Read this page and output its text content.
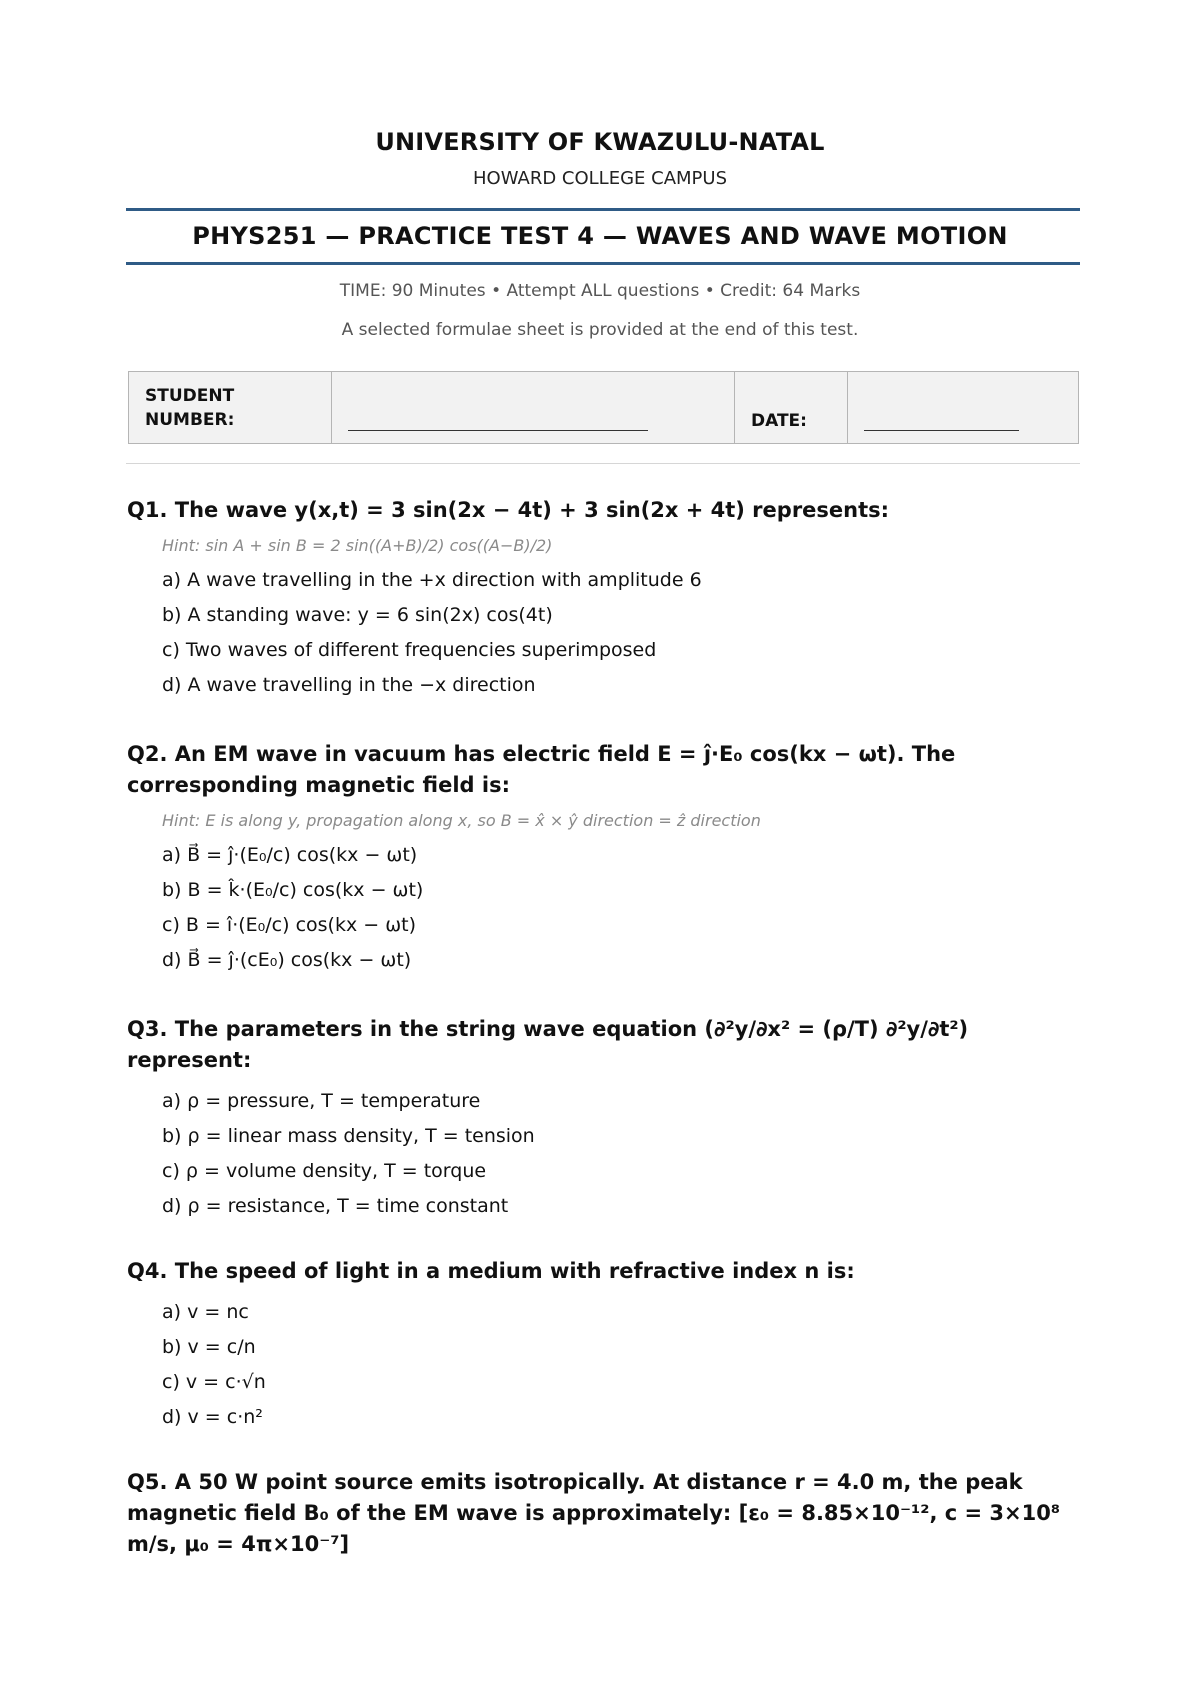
UNIVERSITY OF KWAZULU-NATAL
HOWARD COLLEGE CAMPUS
PHYS251 — PRACTICE TEST 4 — WAVES AND WAVE MOTION
TIME: 90 Minutes • Attempt ALL questions • Credit: 64 Marks
A selected formulae sheet is provided at the end of this test.
STUDENT NUMBER:		DATE:	
Q1. The wave y(x,t) = 3 sin(2x − 4t) + 3 sin(2x + 4t) represents:
Hint: sin A + sin B = 2 sin((A+B)/2) cos((A−B)/2)
a) A wave travelling in the +x direction with amplitude 6
b) A standing wave: y = 6 sin(2x) cos(4t)
c) Two waves of different frequencies superimposed
d) A wave travelling in the −x direction
Q2. An EM wave in vacuum has electric field E = ĵ·E₀ cos(kx − ωt). The corresponding magnetic field is:
Hint: E is along y, propagation along x, so B = x̂ × ŷ direction = ẑ direction
a) B⃗ = ĵ·(E₀/c) cos(kx − ωt)
b) B = k̂·(E₀/c) cos(kx − ωt)
c) B = î·(E₀/c) cos(kx − ωt)
d) B⃗ = ĵ·(cE₀) cos(kx − ωt)
Q3. The parameters in the string wave equation (∂²y/∂x² = (ρ/T) ∂²y/∂t²) represent:
a) ρ = pressure, T = temperature
b) ρ = linear mass density, T = tension
c) ρ = volume density, T = torque
d) ρ = resistance, T = time constant
Q4. The speed of light in a medium with refractive index n is:
a) v = nc
b) v = c/n
c) v = c·√n
d) v = c·n²
Q5. A 50 W point source emits isotropically. At distance r = 4.0 m, the peak magnetic field B₀ of the EM wave is approximately: [ε₀ = 8.85×10⁻¹², c = 3×10⁸ m/s, μ₀ = 4π×10⁻⁷]
